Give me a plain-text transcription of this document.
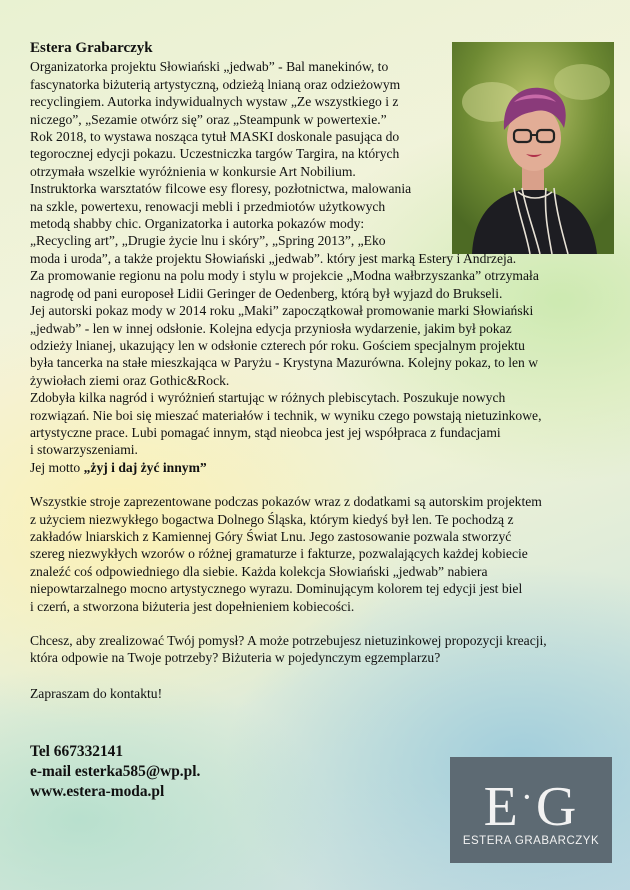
Estera Grabarczyk

Organizatorka projektu Słowiański „jedwab” - Bal manekinów, to

fascynatorka biżuterią artystyczną, odzieżą lnianą oraz odzieżowym

recyclingiem. Autorka indywidualnych wystaw „Ze wszystkiego i z

niczego”, „Sezamie otwórz się” oraz „Steampunk w powertexie.”

Rok 2018, to wystawa nosząca tytuł MASKI doskonale pasująca do

tegorocznej edycji pokazu. Uczestniczka targów Targira, na których

otrzymała wszelkie wyróżnienia w konkursie Art Nobilium.

Instruktorka warsztatów filcowe esy floresy, pozłotnictwa, malowania

na szkle, powertexu, renowacji mebli i przedmiotów użytkowych

metodą shabby chic. Organizatorka i autorka pokazów mody:

„Recycling art”, „Drugie życie lnu i skóry”, „Spring 2013”, „Eko

moda i uroda”, a także projektu Słowiański „jedwab”. który jest marką Estery i Andrzeja.

Za promowanie regionu na polu mody i stylu w projekcie „Modna wałbrzyszanka” otrzymała

nagrodę od pani europoseł Lidii Geringer de Oedenberg, którą był wyjazd do Brukseli.

Jej autorski pokaz mody w 2014 roku „Maki” zapoczątkował promowanie marki Słowiański

„jedwab” - len w innej odsłonie. Kolejna edycja przyniosła wydarzenie, jakim był pokaz

odzieży lnianej, ukazujący len w odsłonie czterech pór roku. Gościem specjalnym projektu

była tancerka na stałe mieszkająca w Paryżu - Krystyna Mazurówna. Kolejny pokaz, to len w

żywiołach ziemi oraz Gothic&Rock.

Zdobyła kilka nagród i wyróżnień startując w różnych plebiscytach. Poszukuje nowych

rozwiązań. Nie boi się mieszać materiałów i technik, w wyniku czego powstają nietuzinkowe,

artystyczne prace. Lubi pomagać innym, stąd nieobca jest jej współpraca z fundacjami

i stowarzyszeniami.

Jej motto „żyj i daj żyć innym”

Wszystkie stroje zaprezentowane podczas pokazów wraz z dodatkami są autorskim projektem

z użyciem niezwykłego bogactwa Dolnego Śląska, którym kiedyś był len. Te pochodzą z

zakładów lniarskich z Kamiennej Góry Świat Lnu. Jego zastosowanie pozwala stworzyć

szereg niezwykłych wzorów o różnej gramaturze i fakturze, pozwalających każdej kobiecie

znaleźć coś odpowiedniego dla siebie. Każda kolekcja Słowiański „jedwab” nabiera

niepowtarzalnego mocno artystycznego wyrazu. Dominującym kolorem tej edycji jest biel

i czerń, a stworzona biżuteria jest dopełnieniem kobiecości.

Chcesz, aby zrealizować Twój pomysł? A może potrzebujesz nietuzinkowej propozycji kreacji,

która odpowie na Twoje potrzeby? Biżuteria w pojedynczym egzemplarzu?

Zapraszam do kontaktu!
Tel 667332141
e-mail esterka585@wp.pl.
www.estera-moda.pl	E·G
ESTERA GRABARCZYK
